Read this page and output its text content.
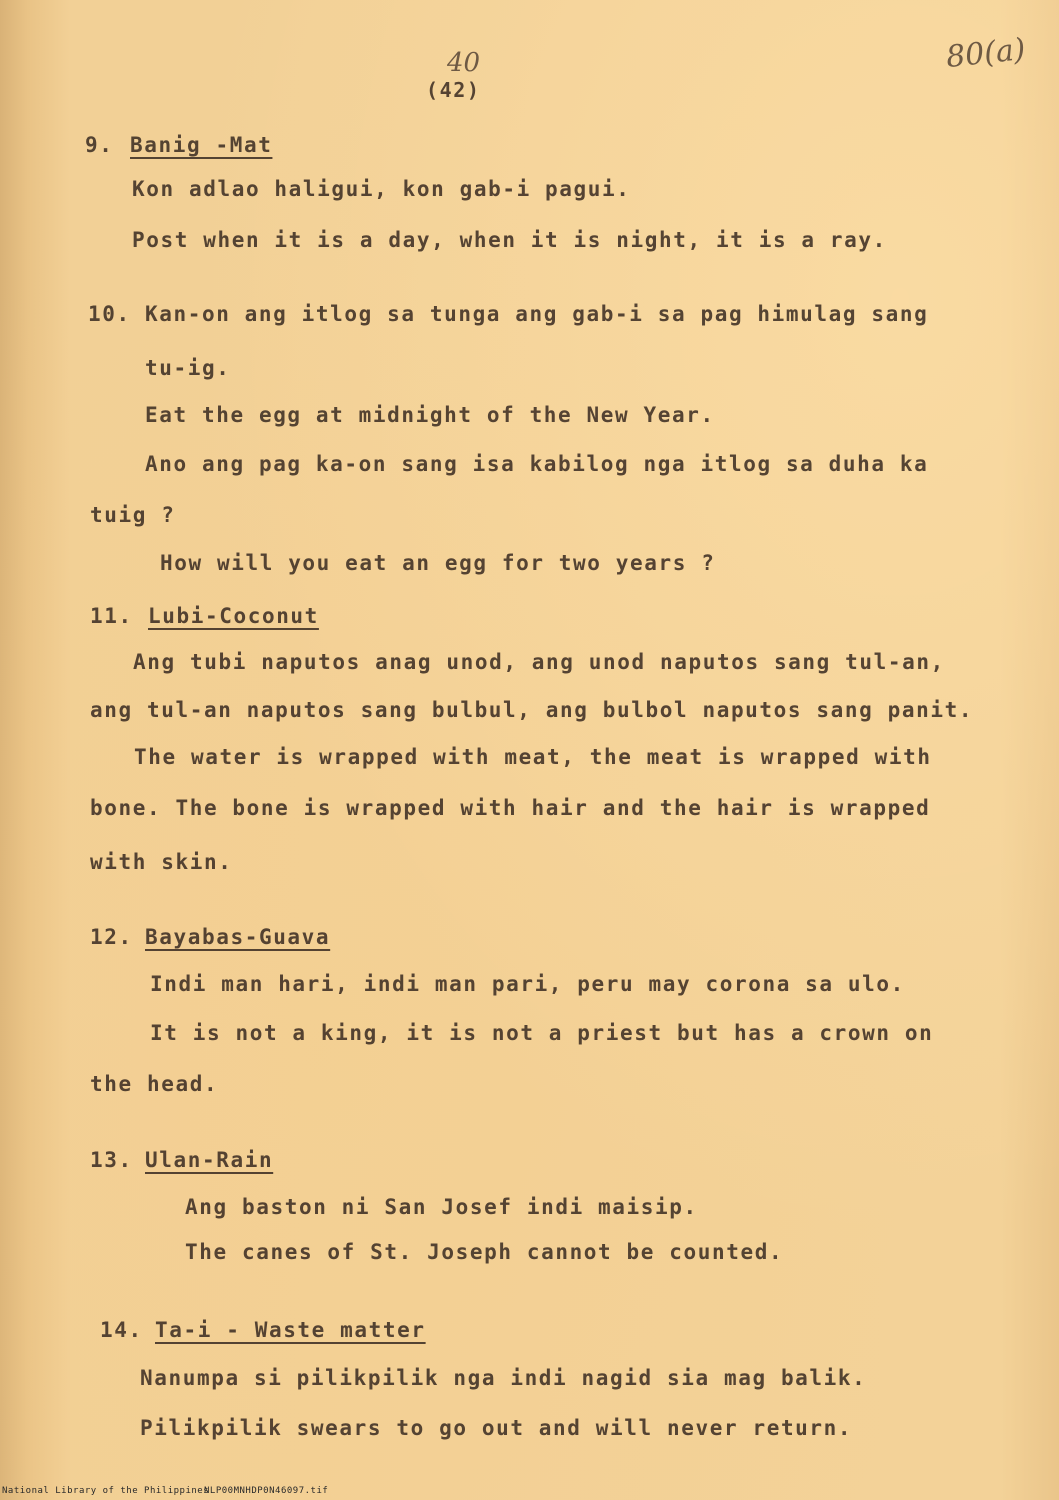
80(a)
40
(42)
9. Banig -Mat
Kon adlao haligui, kon gab-i pagui.
Post when it is a day, when it is night, it is a ray.
10. Kan-on ang itlog sa tunga ang gab-i sa pag himulag sang
tu-ig.
Eat the egg at midnight of the New Year.
Ano ang pag ka-on sang isa kabilog nga itlog sa duha ka
tuig ?
How will you eat an egg for two years ?
11. Lubi-Coconut
Ang tubi naputos anag unod, ang unod naputos sang tul-an,
ang tul-an naputos sang bulbul, ang bulbol naputos sang panit.
The water is wrapped with meat, the meat is wrapped with
bone. The bone is wrapped with hair and the hair is wrapped
with skin.
12. Bayabas-Guava
Indi man hari, indi man pari, peru may corona sa ulo.
It is not a king, it is not a priest but has a crown on
the head.
13. Ulan-Rain
Ang baston ni San Josef indi maisip.
The canes of St. Joseph cannot be counted.
14. Ta-i - Waste matter
Nanumpa si pilikpilik nga indi nagid sia mag balik.
Pilikpilik swears to go out and will never return.
National Library of the Philippines
NLP00MNHDP0N46097.tif
